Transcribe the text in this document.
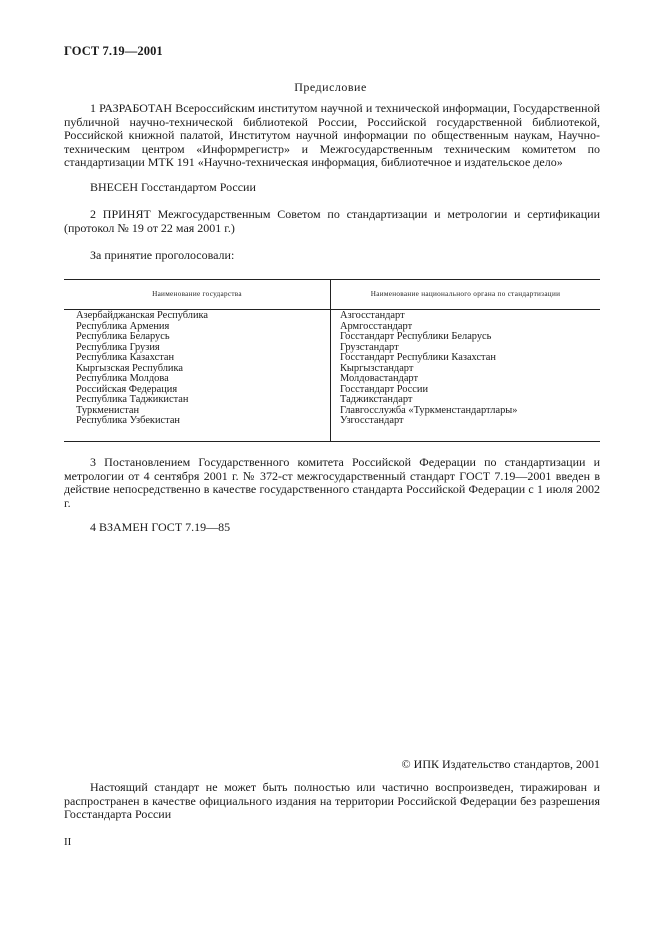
ГОСТ 7.19—2001
Предисловие

1 РАЗРАБОТАН Всероссийским институтом научной и технической информации, Государственной публичной научно-технической библиотекой России, Российской государственной библиотекой, Российской книжной палатой, Институтом научной информации по общественным наукам, Научно-техническим центром «Информрегистр» и Межгосударственным техническим комитетом по стандартизации МТК 191 «Научно-техническая информация, библиотечное и издательское дело»

ВНЕСЕН Госстандартом России

2 ПРИНЯТ Межгосударственным Советом по стандартизации и метрологии и сертификации (протокол № 19 от 22 мая 2001 г.)

За принятие проголосовали:

Наименование государства	Наименование национального органа по стандартизации
Азербайджанская Республика
Республика Армения
Республика Беларусь
Республика Грузия
Республика Казахстан
Кыргызская Республика
Республика Молдова
Российская Федерация
Республика Таджикистан
Туркменистан
Республика Узбекистан
Азгосстандарт
Армгосстандарт
Госстандарт Республики Беларусь
Грузстандарт
Госстандарт Республики Казахстан
Кыргызстандарт
Молдовастандарт
Госстандарт России
Таджикстандарт
Главгосслужба «Туркменстандартлары»
Узгосстандарт

3 Постановлением Государственного комитета Российской Федерации по стандартизации и метрологии от 4 сентября 2001 г. № 372-ст межгосударственный стандарт ГОСТ 7.19—2001 введен в действие непосредственно в качестве государственного стандарта Российской Федерации с 1 июля 2002 г.

4 ВЗАМЕН ГОСТ 7.19—85

© ИПК Издательство стандартов, 2001

Настоящий стандарт не может быть полностью или частично воспроизведен, тиражирован и распространен в качестве официального издания на территории Российской Федерации без разрешения Госстандарта России

II
